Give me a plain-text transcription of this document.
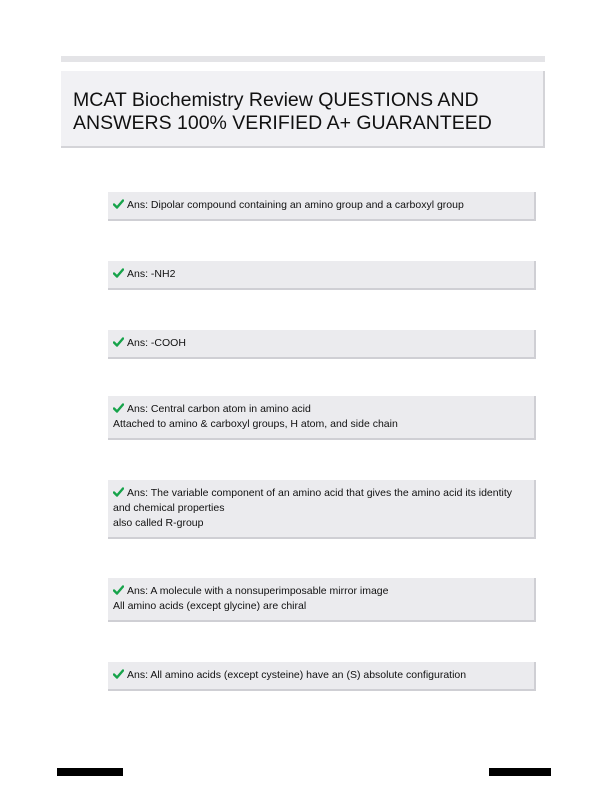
MCAT Biochemistry Review QUESTIONS AND
ANSWERS 100% VERIFIED A+ GUARANTEED
Ans: Dipolar compound containing an amino group and a carboxyl group
Ans: -NH2
Ans: -COOH
Ans: Central carbon atom in amino acid
Attached to amino & carboxyl groups, H atom, and side chain
Ans: The variable component of an amino acid that gives the amino acid its identity
and chemical properties
also called R-group
Ans: A molecule with a nonsuperimposable mirror image
All amino acids (except glycine) are chiral
Ans: All amino acids (except cysteine) have an (S) absolute configuration
